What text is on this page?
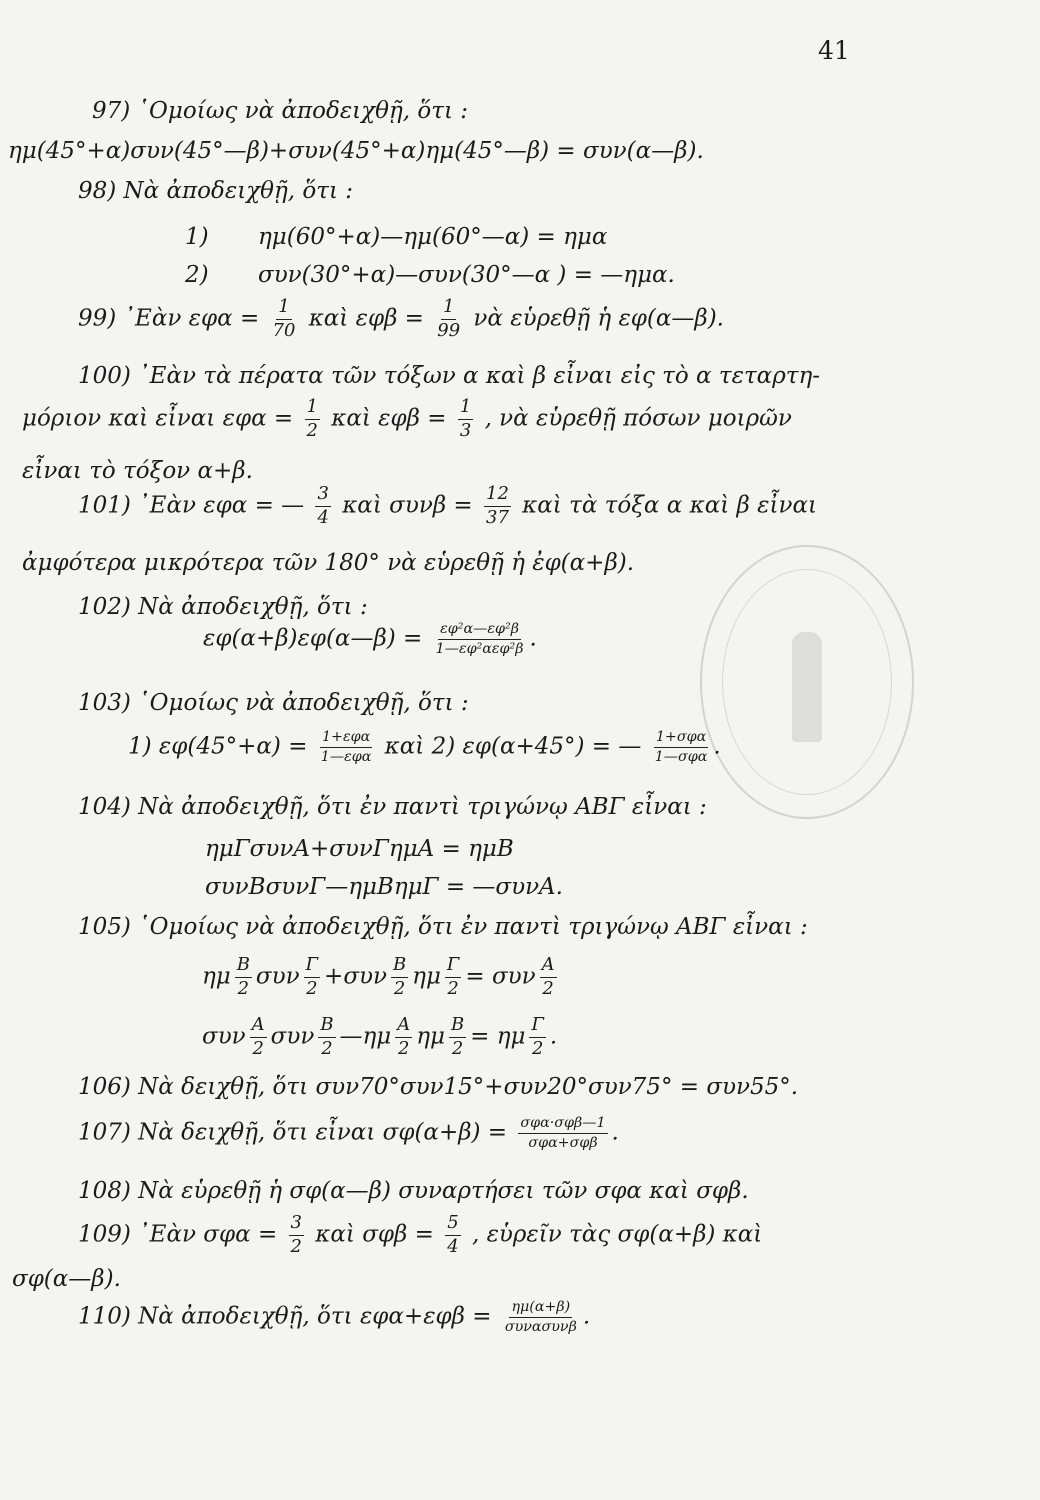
41
97) ῾Ομοίως νὰ ἀποδειχθῇ, ὅτι :
ημ(45°+α)συν(45°—β)+συν(45°+α)ημ(45°—β) = συν(α—β).
98) Νὰ ἀποδειχθῇ, ὅτι :
1) ημ(60°+α)—ημ(60°—α) = ημα
2) συν(30°+α)—συν(30°—α ) = —ημα.
99) ᾿Εὰν $\varepsilon\varphi\alpha = \frac{1}{70}$ καὶ $\varepsilon\varphi\beta = \frac{1}{99}$ νὰ εὑρεθῇ ἡ εφ(α—β).
100) ᾿Εὰν τὰ πέρατα τῶν τόξων α καὶ β εἶναι εἰς τὸ α τεταρτη-
μόριον καὶ εἶναι $\varepsilon\varphi\alpha = \frac{1}{2}$ καὶ $\varepsilon\varphi\beta = \frac{1}{3}$ , νὰ εὑρεθῇ πόσων μοιρῶν
εἶναι τὸ τόξον α+β.
101) ᾿Εὰν εφα = — $\frac{3}{4}$ καὶ $\sigma\upsilon\nu\beta = \frac{12}{37}$ καὶ τὰ τόξα α καὶ β εἶναι
ἀμφότερα μικρότερα τῶν 180° νὰ εὑρεθῇ ἡ ἐφ(α+β).
102) Νὰ ἀποδειχθῇ, ὅτι :
εφ(α+β)εφ(α—β) = $\frac{\text{εφ²α—εφ²β}}{\text{1—εφ²αεφ²β}}$ .
103) ῾Ομοίως νὰ ἀποδειχθῇ, ὅτι :
1) $\varepsilon\varphi(45^\circ+\alpha) = \frac{\text{1+εφα}}{\text{1—εφα}}$ καὶ 2) εφ(α+45°) = — $\frac{\text{1+σφα}}{\text{1—σφα}}$ .
104) Νὰ ἀποδειχθῇ, ὅτι ἐν παντὶ τριγώνῳ ΑΒΓ εἶναι :
ημΓσυνΑ+συνΓημΑ = ημΒ
συνΒσυνΓ—ημΒημΓ = —συνΑ.
105) ῾Ομοίως νὰ ἀποδειχθῇ, ὅτι ἐν παντὶ τριγώνῳ ΑΒΓ εἶναι :
ημ $\frac{B}{2}$ συν $\frac{\Gamma}{2} +\sigma\upsilon\nu \frac{B}{2}$ ημ $\frac{\Gamma}{2} = \sigma\upsilon\nu \frac{A}{2}$
συν $\frac{A}{2}$ συν $\frac{B}{2}$ —ημ $\frac{A}{2}$ ημ $\frac{B}{2} = \eta\mu \frac{\Gamma}{2}$ .
106) Νὰ δειχθῇ, ὅτι συν70°συν15°+συν20°συν75° = συν55°.
107) Νὰ δειχθῇ, ὅτι εἶναι $\sigma\varphi(\alpha+\beta) = \frac{\text{σφα·σφβ—1}}{\text{σφα+σφβ}}$ .
108) Νὰ εὑρεθῇ ἡ σφ(α—β) συναρτήσει τῶν σφα καὶ σφβ.
109) ᾿Εὰν $\sigma\varphi\alpha = \frac{3}{2}$ καὶ $\sigma\varphi\beta = \frac{5}{4}$ , εὑρεῖν τὰς σφ(α+β) καὶ
σφ(α—β).
110) Νὰ ἀποδειχθῇ, ὅτι $\varepsilon\varphi\alpha+\varepsilon\varphi\beta = \frac{\eta\mu(\alpha+\beta)}{\text{συνασυνβ}}$ .
